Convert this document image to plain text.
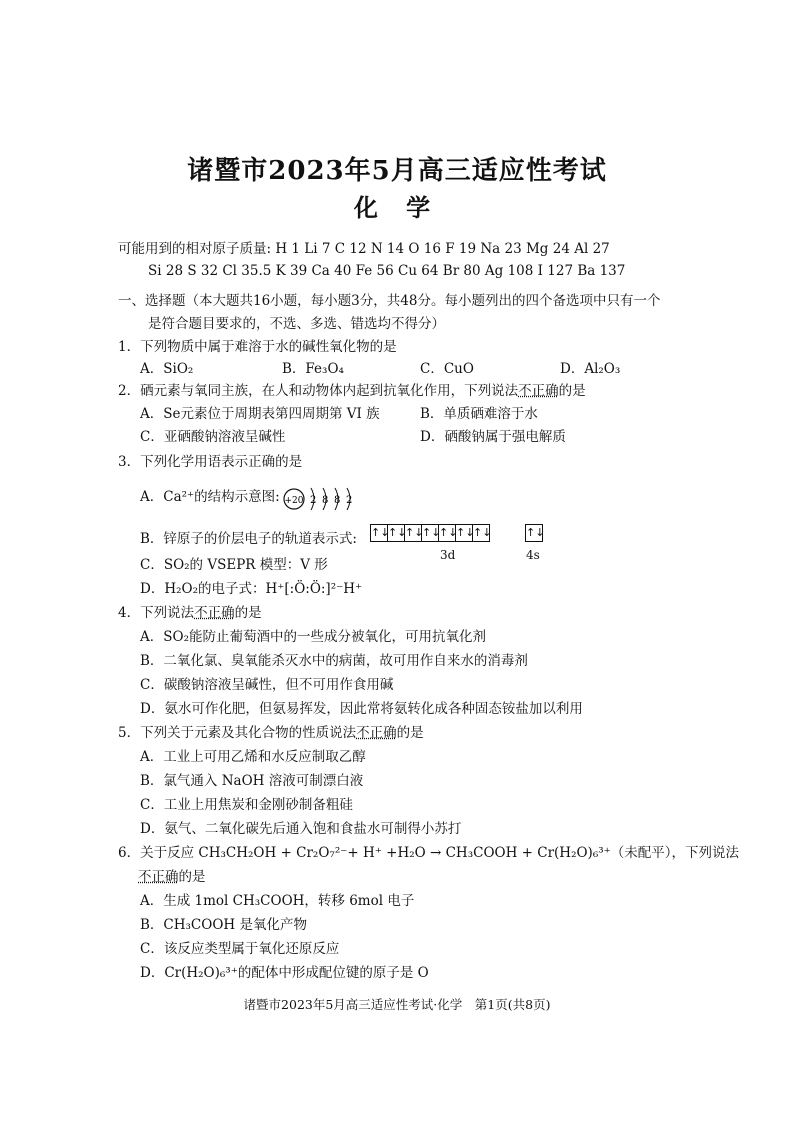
诸暨市2023年5月高三适应性考试
化 学
可能用到的相对原子质量: H 1 Li 7 C 12 N 14 O 16 F 19 Na 23 Mg 24 Al 27
Si 28 S 32 Cl 35.5 K 39 Ca 40 Fe 56 Cu 64 Br 80 Ag 108 I 127 Ba 137
一、选择题（本大题共16小题，每小题3分，共48分。每小题列出的四个备选项中只有一个
是符合题目要求的，不选、多选、错选均不得分）
1．下列物质中属于难溶于水的碱性氧化物的是
A．SiO₂	B．Fe₃O₄	C．CuO	D．Al₂O₃
2．硒元素与氧同主族，在人和动物体内起到抗氧化作用，下列说法不正确的是
A．Se元素位于周期表第四周期第 VI 族	B．单质硒难溶于水
C．亚硒酸钠溶液呈碱性	D．硒酸钠属于强电解质
3．下列化学用语表示正确的是
A．Ca²⁺的结构示意图: +20 2 8 8 2
B．锌原子的价层电子的轨道表示式: ↑↓
↑↓
↑↓
↑↓
↑↓
↑↓
↑↓	↑↓
3d	4s
C．SO₂的 VSEPR 模型：V 形
D．H₂O₂的电子式：H⁺[:Ö:Ö:]²⁻H⁺
4．下列说法不正确的是
A．SO₂能防止葡萄酒中的一些成分被氧化，可用抗氧化剂
B．二氧化氯、臭氧能杀灭水中的病菌，故可用作自来水的消毒剂
C．碳酸钠溶液呈碱性，但不可用作食用碱
D．氨水可作化肥，但氨易挥发，因此常将氨转化成各种固态铵盐加以利用
5．下列关于元素及其化合物的性质说法不正确的是
A．工业上可用乙烯和水反应制取乙醇
B．氯气通入 NaOH 溶液可制漂白液
C．工业上用焦炭和金刚砂制备粗硅
D．氨气、二氧化碳先后通入饱和食盐水可制得小苏打
6．关于反应 CH₃CH₂OH + Cr₂O₇²⁻+ H⁺ +H₂O → CH₃COOH + Cr(H₂O)₆³⁺（未配平），下列说法
不正确的是
A．生成 1mol CH₃COOH，转移 6mol 电子
B．CH₃COOH 是氧化产物
C．该反应类型属于氧化还原反应
D．Cr(H₂O)₆³⁺的配体中形成配位键的原子是 O
诸暨市2023年5月高三适应性考试·化学　第1页(共8页)
